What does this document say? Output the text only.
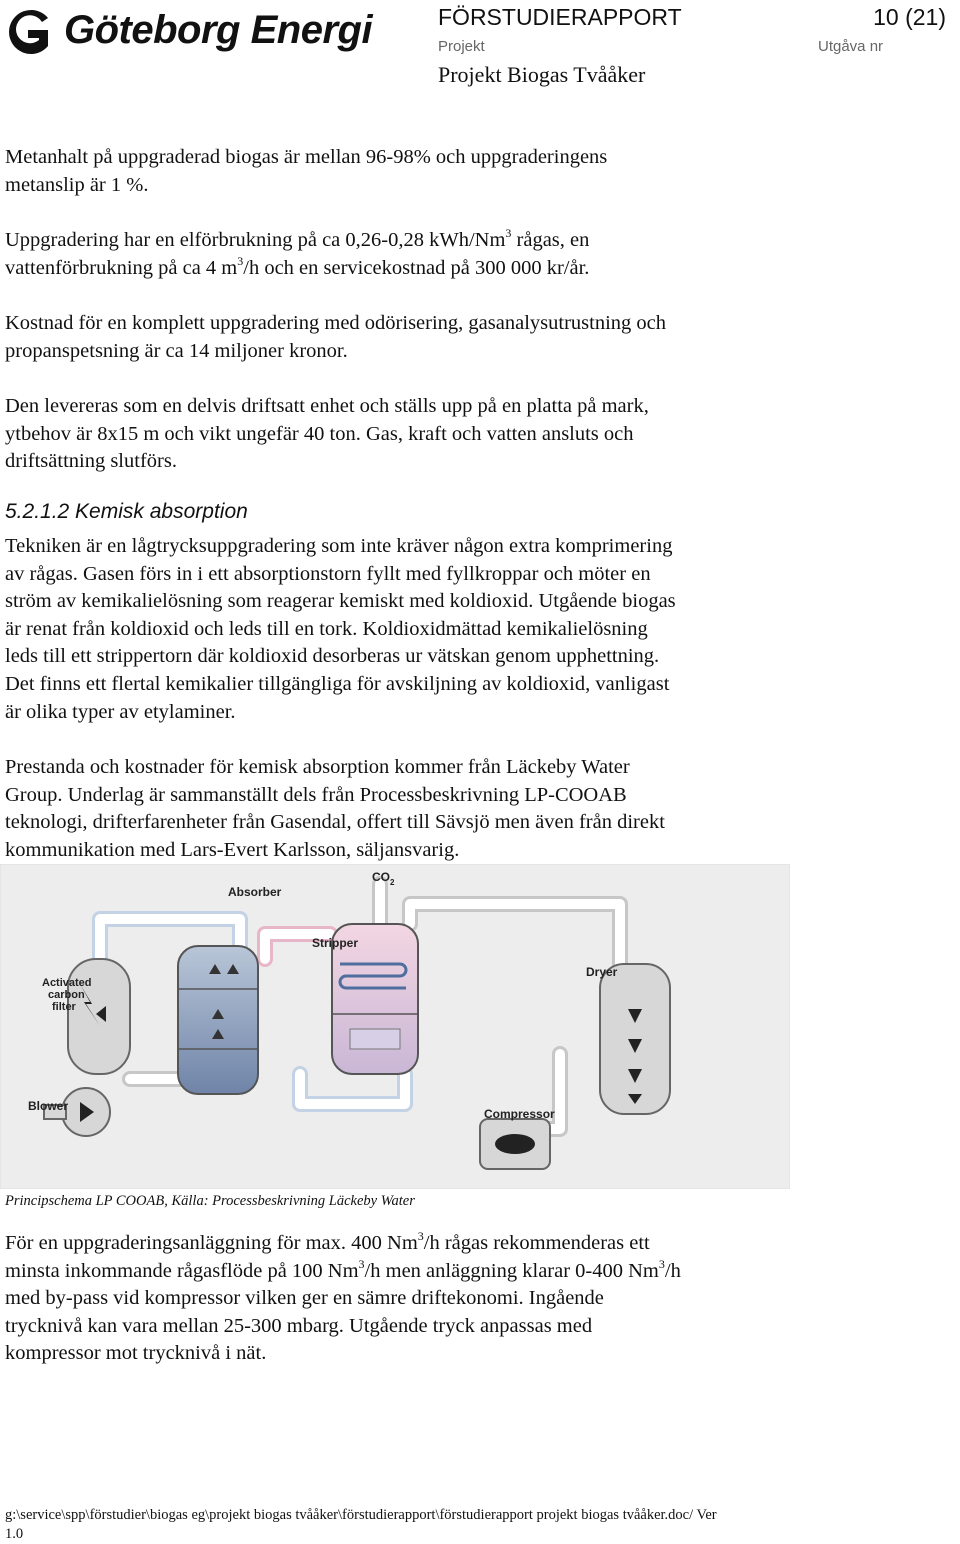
Göteborg Energi	FÖRSTUDIERAPPORT	10 (21)
Projekt	Utgåva nr
Projekt Biogas Tvååker
Metanhalt på uppgraderad biogas är mellan 96-98% och uppgraderingens
metanslip är 1 %.
Uppgradering har en elförbrukning på ca 0,26-0,28 kWh/Nm$^3$ rågas, en
vattenförbrukning på ca 4 $m^3/h$ och en servicekostnad på 300 000 kr/år.
Kostnad för en komplett uppgradering med odörisering, gasanalysutrustning och
propanspetsning är ca 14 miljoner kronor.
Den levereras som en delvis driftsatt enhet och ställs upp på en platta på mark,
ytbehov är 8x15 m och vikt ungefär 40 ton. Gas, kraft och vatten ansluts och
driftsättning slutförs.
5.2.1.2 Kemisk absorption
Tekniken är en lågtrycksuppgradering som inte kräver någon extra komprimering
av rågas. Gasen förs in i ett absorptionstorn fyllt med fyllkroppar och möter en
ström av kemikalielösning som reagerar kemiskt med koldioxid. Utgående biogas
är renat från koldioxid och leds till en tork. Koldioxidmättad kemikalielösning
leds till ett strippertorn där koldioxid desorberas ur vätskan genom upphettning.
Det finns ett flertal kemikalier tillgängliga för avskiljning av koldioxid, vanligast
är olika typer av etylaminer.
Prestanda och kostnader för kemisk absorption kommer från Läckeby Water
Group. Underlag är sammanställt dels från Processbeskrivning LP-COOAB
teknologi, drifterfarenheter från Gasendal, offert till Sävsjö men även från direkt
kommunikation med Lars-Evert Karlsson, säljansvarig.
Absorber
$CO_2$
Stripper
Activated
carbon
filter
Dryer
Blower
Compressor
Principschema LP COOAB, Källa: Processbeskrivning Läckeby Water
För en uppgraderingsanläggning för max. 400 Nm$^3$/h rågas rekommenderas ett
minsta inkommande rågasflöde på 100 Nm$^3$/h men anläggning klarar 0-400 Nm$^3$/h
med by-pass vid kompressor vilken ger en sämre driftekonomi. Ingående
trycknivå kan vara mellan 25-300 mbarg. Utgående tryck anpassas med
kompressor mot trycknivå i nät.
g:\service\spp\förstudier\biogas eg\projekt biogas tvååker\förstudierapport\förstudierapport projekt biogas tvååker.doc/ Ver
1.0
